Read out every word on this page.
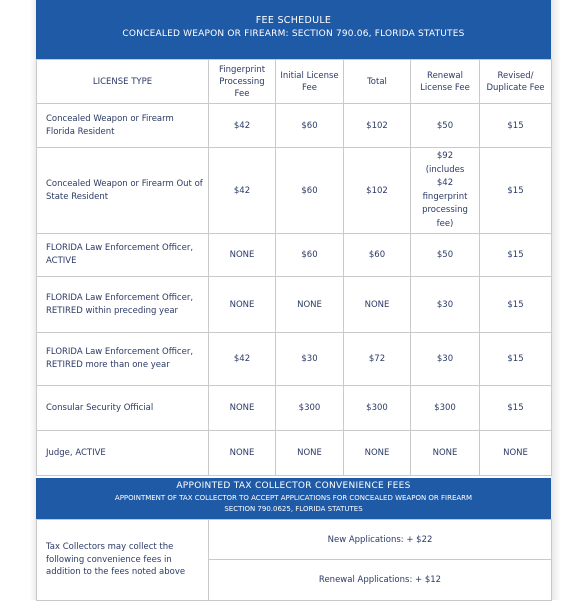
FEE SCHEDULE
CONCEALED WEAPON OR FIREARM: SECTION 790.06, FLORIDA STATUTES
LICENSE TYPE	Fingerprint Processing Fee	Initial License Fee	Total	Renewal License Fee	Revised/ Duplicate Fee
Concealed Weapon or Firearm Florida Resident	$42	$60	$102	$50	$15
Concealed Weapon or Firearm Out of State Resident	$42	$60	$102	$92 (includes $42 fingerprint processing fee)	$15
FLORIDA Law Enforcement Officer, ACTIVE	NONE	$60	$60	$50	$15
FLORIDA Law Enforcement Officer, RETIRED within preceding year	NONE	NONE	NONE	$30	$15
FLORIDA Law Enforcement Officer, RETIRED more than one year	$42	$30	$72	$30	$15
Consular Security Official	NONE	$300	$300	$300	$15
Judge, ACTIVE	NONE	NONE	NONE	NONE	NONE
APPOINTED TAX COLLECTOR CONVENIENCE FEES
APPOINTMENT OF TAX COLLECTOR TO ACCEPT APPLICATIONS FOR CONCEALED WEAPON OR FIREARM
SECTION 790.0625, FLORIDA STATUTES
Tax Collectors may collect the following convenience fees in addition to the fees noted above	New Applications: + $22
Renewal Applications: + $12
